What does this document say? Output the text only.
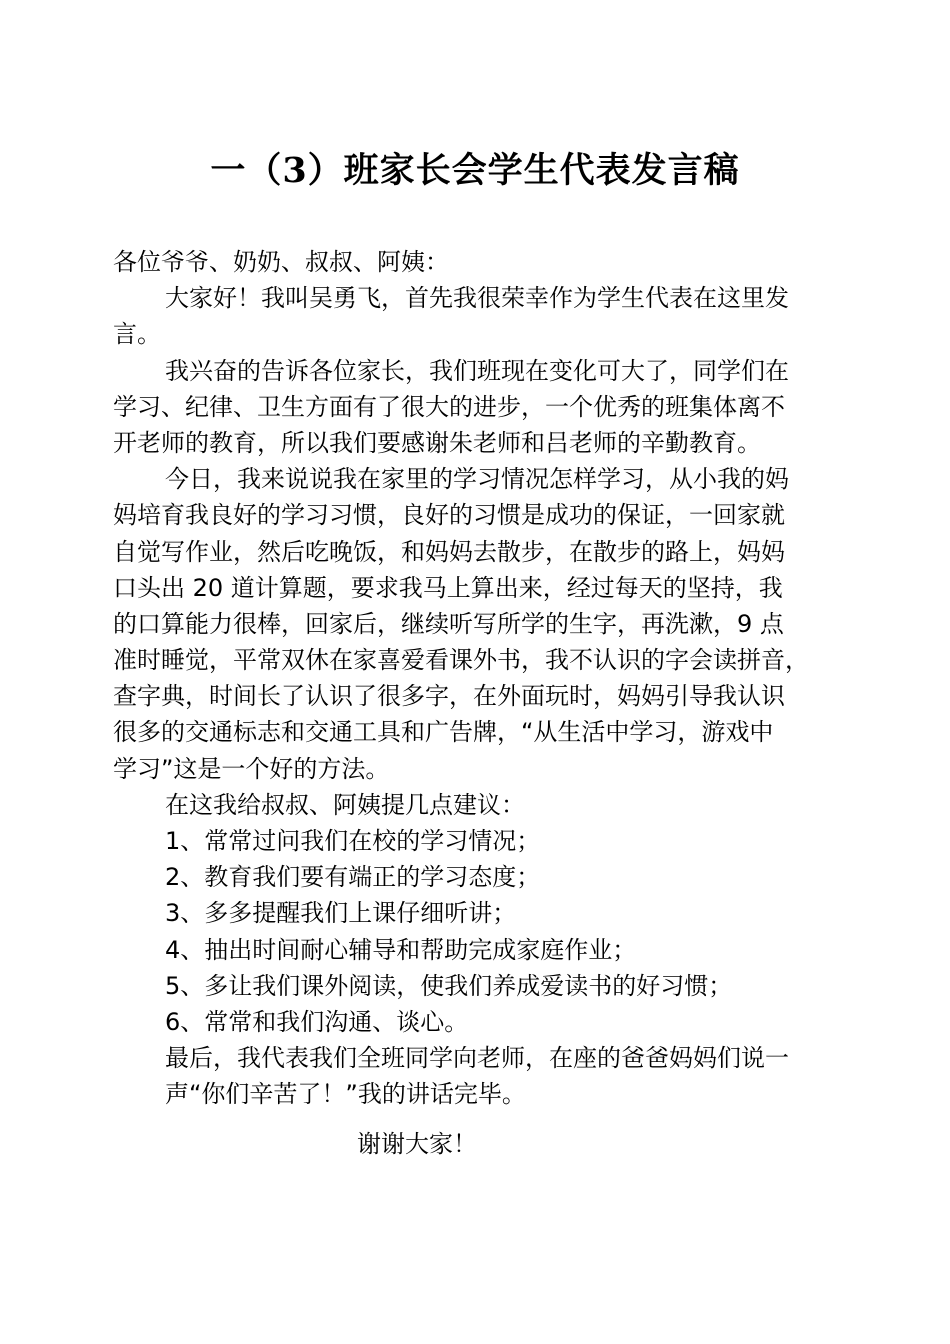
一（3）班家长会学生代表发言稿
各位爷爷、奶奶、叔叔、阿姨：
大家好！我叫吴勇飞，首先我很荣幸作为学生代表在这里发
言。
我兴奋的告诉各位家长，我们班现在变化可大了，同学们在
学习、纪律、卫生方面有了很大的进步，一个优秀的班集体离不
开老师的教育，所以我们要感谢朱老师和吕老师的辛勤教育。
今日，我来说说我在家里的学习情况怎样学习，从小我的妈
妈培育我良好的学习习惯，良好的习惯是成功的保证，一回家就
自觉写作业，然后吃晚饭，和妈妈去散步，在散步的路上，妈妈
口头出 20 道计算题，要求我马上算出来，经过每天的坚持，我
的口算能力很棒，回家后，继续听写所学的生字，再洗漱，9 点
准时睡觉，平常双休在家喜爱看课外书，我不认识的字会读拼音，
查字典，时间长了认识了很多字，在外面玩时，妈妈引导我认识
很多的交通标志和交通工具和广告牌，“从生活中学习，游戏中
学习”这是一个好的方法。
在这我给叔叔、阿姨提几点建议：
1、常常过问我们在校的学习情况；
2、教育我们要有端正的学习态度；
3、多多提醒我们上课仔细听讲；
4、抽出时间耐心辅导和帮助完成家庭作业；
5、多让我们课外阅读，使我们养成爱读书的好习惯；
6、常常和我们沟通、谈心。
最后，我代表我们全班同学向老师，在座的爸爸妈妈们说一
声“你们辛苦了！”我的讲话完毕。
谢谢大家！
